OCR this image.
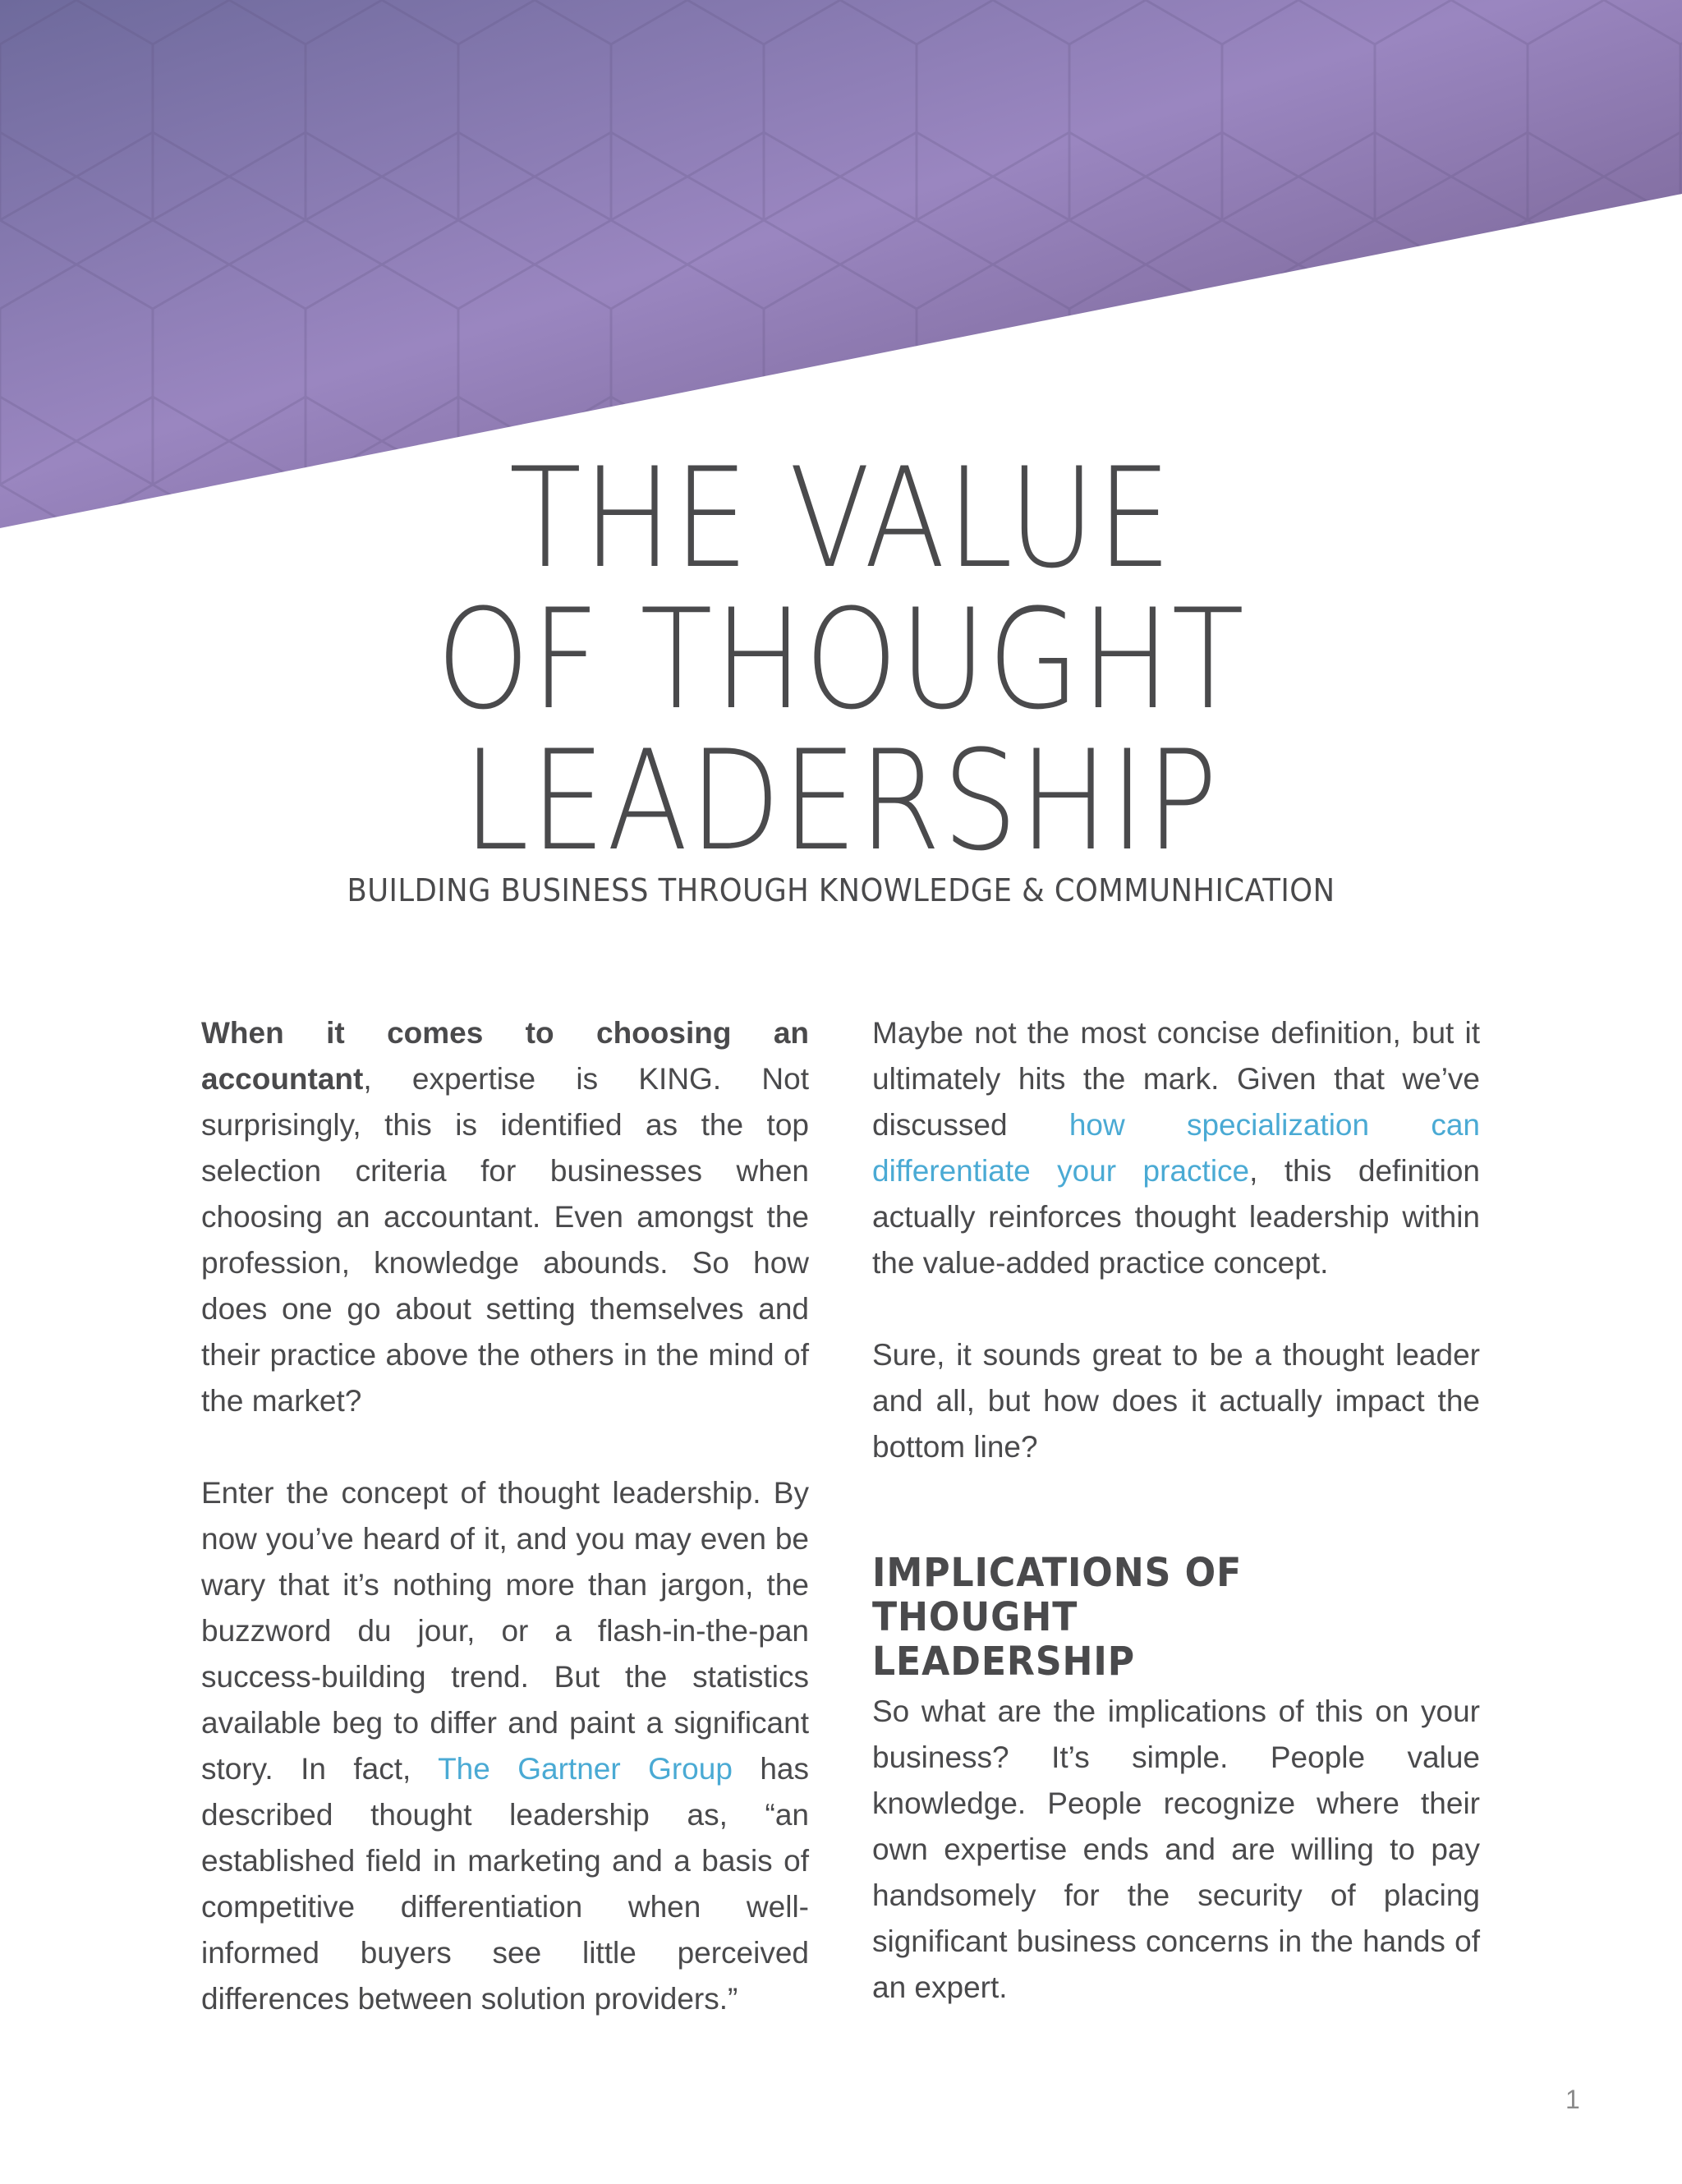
THE VALUE
OF THOUGHT
LEADERSHIP
BUILDING BUSINESS THROUGH KNOWLEDGE & COMMUNHICATION

When it comes to choosing an accountant, expertise is KING. Not surprisingly, this is identified as the top selection criteria for businesses when choosing an accountant. Even amongst the profession, knowledge abounds. So how does one go about setting themselves and their practice above the others in the mind of the market?

Enter the concept of thought leadership. By now you’ve heard of it, and you may even be wary that it’s nothing more than jargon, the buzzword du jour, or a flash-in-the-pan success-building trend. But the statistics available beg to differ and paint a significant story. In fact, The Gartner Group has described thought leadership as, “an established field in marketing and a basis of competitive differentiation when well-informed buyers see little perceived differences between solution providers.”

Maybe not the most concise definition, but it ultimately hits the mark. Given that we’ve discussed how specialization can differentiate your practice, this definition actually reinforces thought leadership within the value-added practice concept.

Sure, it sounds great to be a thought leader and all, but how does it actually impact the bottom line?

IMPLICATIONS OF THOUGHT
LEADERSHIP

So what are the implications of this on your business? It’s simple. People value knowledge. People recognize where their own expertise ends and are willing to pay handsomely for the security of placing significant business concerns in the hands of an expert.

1
